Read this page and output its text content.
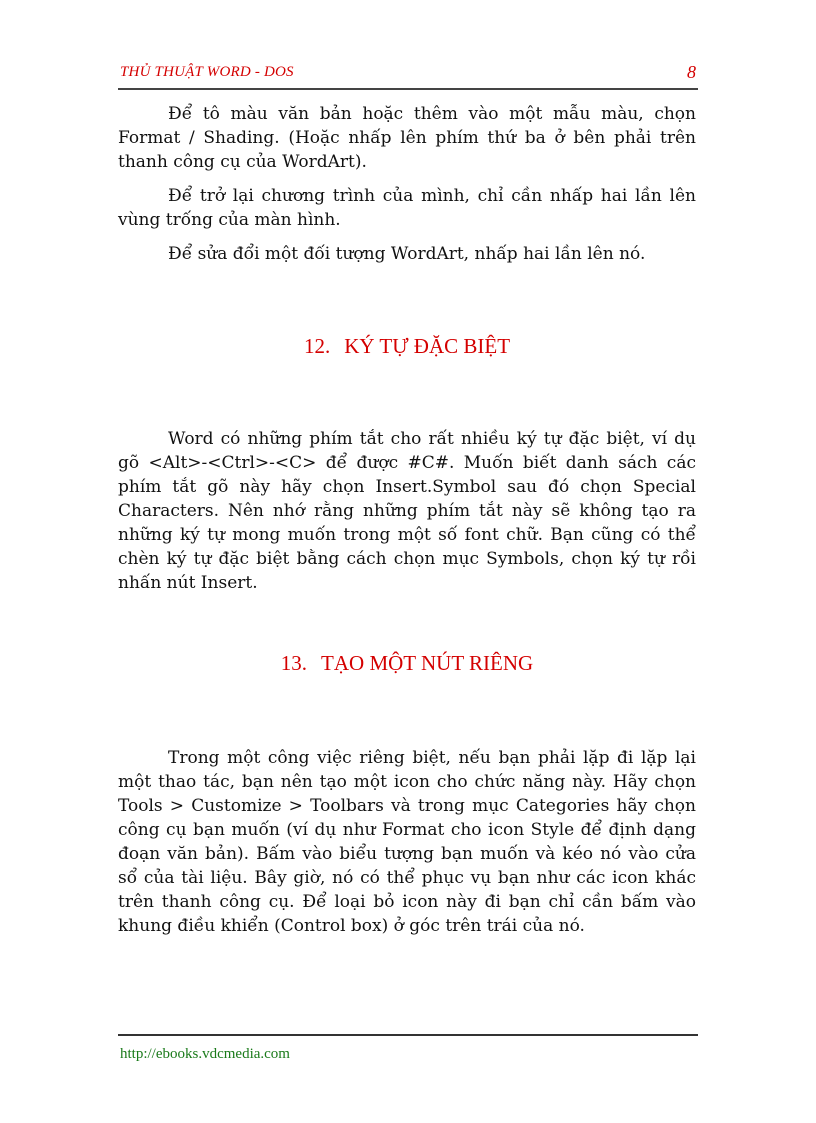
THỦ THUẬT WORD - DOS	8

Để tô màu văn bản hoặc thêm vào một mẫu màu, chọn Format / Shading. (Hoặc nhấp lên phím thứ ba ở bên phải trên thanh công cụ của WordArt).

Để trở lại chương trình của mình, chỉ cần nhấp hai lần lên vùng trống của màn hình.

Để sửa đổi một đối tượng WordArt, nhấp hai lần lên nó.

12. KÝ TỰ ĐẶC BIỆT

Word có những phím tắt cho rất nhiều ký tự đặc biệt, ví dụ gõ <Alt>-<Ctrl>-<C> để được #C#. Muốn biết danh sách các phím tắt gõ này hãy chọn Insert.Symbol sau đó chọn Special Characters. Nên nhớ rằng những phím tắt này sẽ không tạo ra những ký tự mong muốn trong một số font chữ. Bạn cũng có thể chèn ký tự đặc biệt bằng cách chọn mục Symbols, chọn ký tự rồi nhấn nút Insert.

13. TẠO MỘT NÚT RIÊNG

Trong một công việc riêng biệt, nếu bạn phải lặp đi lặp lại một thao tác, bạn nên tạo một icon cho chức năng này. Hãy chọn Tools > Customize > Toolbars và trong mục Categories hãy chọn công cụ bạn muốn (ví dụ như Format cho icon Style để định dạng đoạn văn bản). Bấm vào biểu tượng bạn muốn và kéo nó vào cửa sổ của tài liệu. Bây giờ, nó có thể phục vụ bạn như các icon khác trên thanh công cụ. Để loại bỏ icon này đi bạn chỉ cần bấm vào khung điều khiển (Control box) ở góc trên trái của nó.

http://ebooks.vdcmedia.com
